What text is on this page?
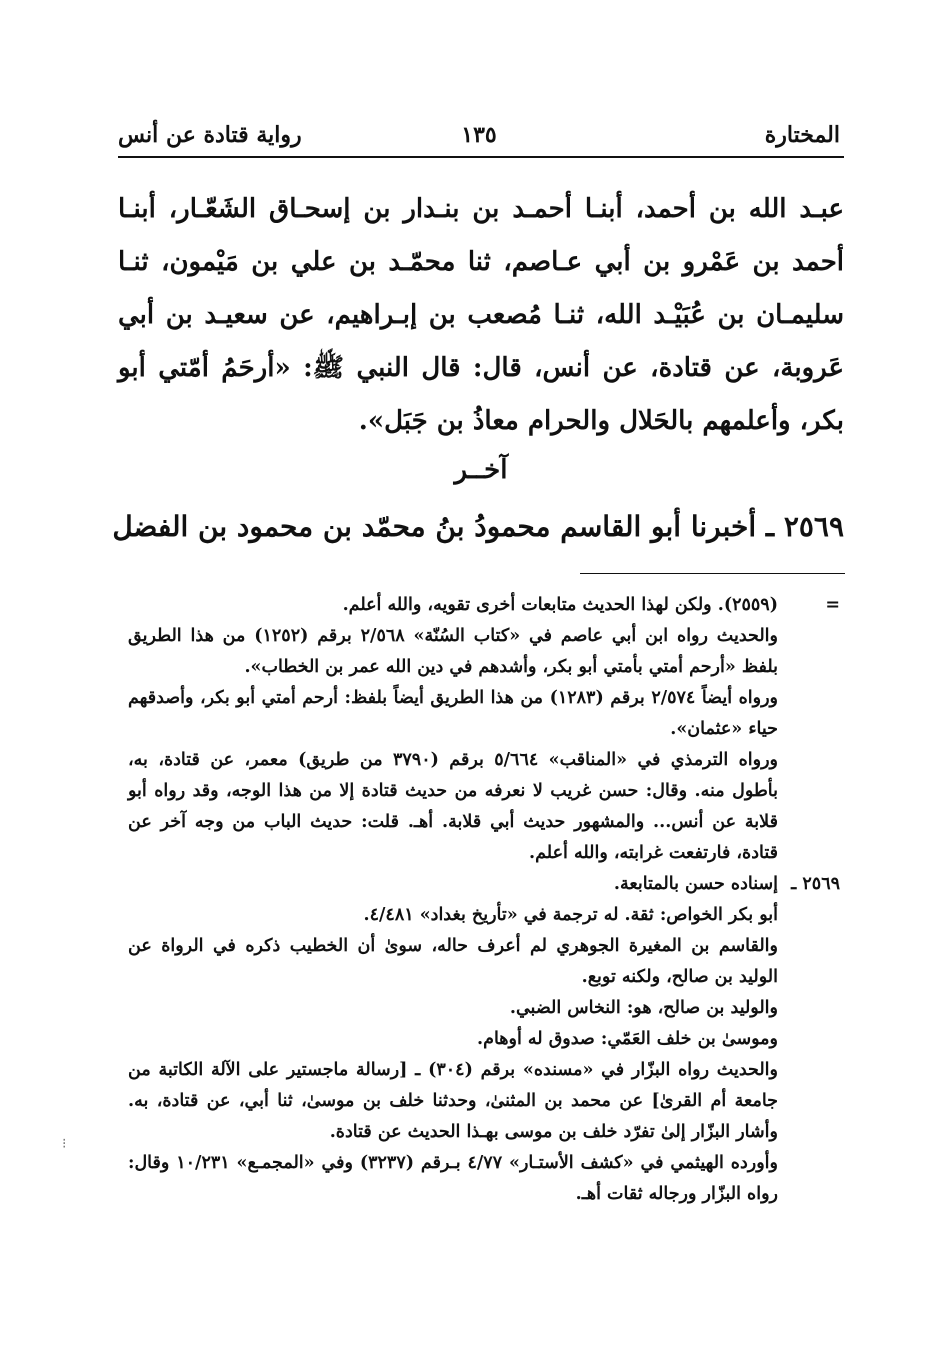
المختارة
١٣٥
رواية قتادة عن أنس
عبـد الله بن أحمد، أبنـا أحمـد بن بنـدار بن إسحـاق الشَعّـار، أبنـا أحمد بن عَمْرو بن أبي عـاصم، ثنا محمّـد بن علي بن مَيْمون، ثنـا سليمـان بن عُبَيْـد الله، ثنـا مُصعب بن إبـراهيم، عن سعيـد بن أبي عَروبة، عن قتادة، عن أنس، قال: قال النبي ﷺ: «أرحَمُ أمّتي أبو بكر، وأعلمهم بالحَلال والحرام معاذُ بن جَبَل».
آخــر
٢٥٦٩ ـ أخبرنا أبو القاسم محمودُ بنُ محمّد بن محمود بن الفضل
=
(٢٥٥٩). ولكن لهذا الحديث متابعات أخرى تقويه، والله أعلم.
والحديث رواه ابن أبي عاصم في «كتاب السُنّة» ٢/٥٦٨ برقم (١٢٥٢) من هذا الطريق بلفظ «أرحم أمتي بأمتي أبو بكر، وأشدهم في دين الله عمر بن الخطاب».
ورواه أيضاً ٢/٥٧٤ برقم (١٢٨٣) من هذا الطريق أيضاً بلفظ: أرحم أمتي أبو بكر، وأصدقهم حياء «عثمان».
ورواه الترمذي في «المناقب» ٥/٦٦٤ برقم (٣٧٩٠ من طريق) معمر، عن قتادة، به، بأطول منه. وقال: حسن غريب لا نعرفه من حديث قتادة إلا من هذا الوجه، وقد رواه أبو قلابة عن أنس... والمشهور حديث أبي قلابة. أهـ. قلت: حديث الباب من وجه آخر عن قتادة، فارتفعت غرابته، والله أعلم.
٢٥٦٩ ـ
إسناده حسن بالمتابعة.
أبو بكر الخواص: ثقة. له ترجمة في «تأريخ بغداد» ٤/٤٨١.
والقاسم بن المغيرة الجوهري لم أعرف حاله، سوىٰ أن الخطيب ذكره في الرواة عن الوليد بن صالح، ولكنه توبع.
والوليد بن صالح، هو: النخاس الضبي.
وموسىٰ بن خلف العَمّي: صدوق له أوهام.
والحديث رواه البزّار في «مسنده» برقم (٣٠٤) ـ [رسالة ماجستير على الآلة الكاتبة من جامعة أم القرىٰ] عن محمد بن المثنىٰ، وحدثنا خلف بن موسىٰ، ثنا أبي، عن قتادة، به. وأشار البزّار إلىٰ تفرّد خلف بن موسى بهـذا الحديث عن قتادة.
وأورده الهيثمي في «كشف الأستـار» ٤/٧٧ بـرقم (٣٢٣٧) وفي «المجمـع» ١٠/٢٣١ وقال: رواه البزّار ورجاله ثقات أهـ.
⁝
